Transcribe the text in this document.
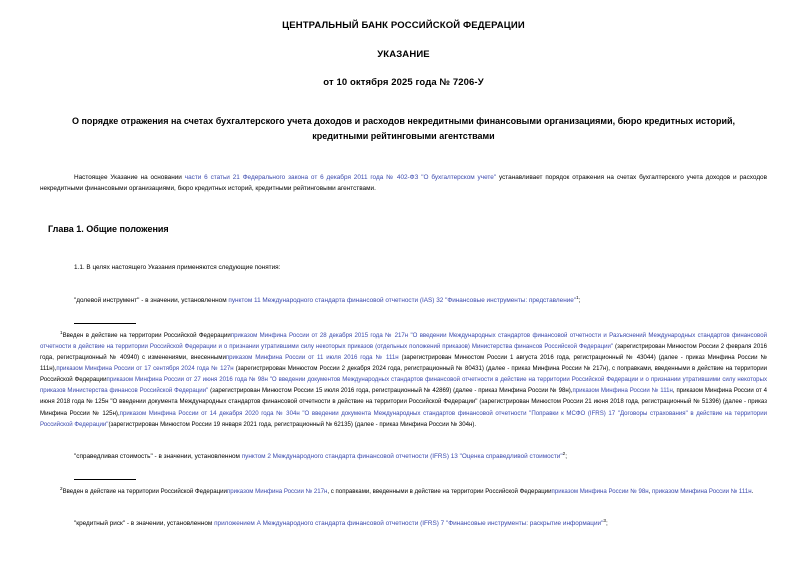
ЦЕНТРАЛЬНЫЙ БАНК РОССИЙСКОЙ ФЕДЕРАЦИИ
УКАЗАНИЕ
от 10 октября 2025 года № 7206-У
О порядке отражения на счетах бухгалтерского учета доходов и расходов некредитными финансовыми организациями, бюро кредитных историй, кредитными рейтинговыми агентствами

Настоящее Указание на основании части 6 статьи 21 Федерального закона от 6 декабря 2011 года № 402-ФЗ "О бухгалтерском учете" устанавливает порядок отражения на счетах бухгалтерского учета доходов и расходов некредитными финансовыми организациями, бюро кредитных историй, кредитными рейтинговыми агентствами.

Глава 1. Общие положения

1.1. В целях настоящего Указания применяются следующие понятия:

"долевой инструмент" - в значении, установленном пунктом 11 Международного стандарта финансовой отчетности (IAS) 32 "Финансовые инструменты: представление"$^1$;

$^1$Введен в действие на территории Российской Федерацииприказом Минфина России от 28 декабря 2015 года № 217н "О введении Международных стандартов финансовой отчетности и Разъяснений Международных стандартов финансовой отчетности в действие на территории Российской Федерации и о признании утратившими силу некоторых приказов (отдельных положений приказов) Министерства финансов Российской Федерации" (зарегистрирован Минюстом России 2 февраля 2016 года, регистрационный № 40940) с изменениями, внесеннымиприказом Минфина России от 11 июля 2016 года № 111н (зарегистрирован Минюстом России 1 августа 2016 года, регистрационный № 43044) (далее - приказ Минфина России № 111н),приказом Минфина России от 17 сентября 2024 года № 127н (зарегистрирован Минюстом России 2 декабря 2024 года, регистрационный № 80431) (далее - приказ Минфина России № 217н), с поправками, введенными в действие на территории Российской Федерацииприказом Минфина России от 27 июня 2016 года № 98н "О введении документов Международных стандартов финансовой отчетности в действие на территории Российской Федерации и о признании утратившими силу некоторых приказов Министерства финансов Российской Федерации" (зарегистрирован Минюстом России 15 июля 2016 года, регистрационный № 42869) (далее - приказ Минфина России № 98н),приказом Минфина России № 111н, приказом Минфина России от 4 июня 2018 года № 125н "О введении документа Международных стандартов финансовой отчетности в действие на территории Российской Федерации" (зарегистрирован Минюстом России 21 июня 2018 года, регистрационный № 51396) (далее - приказ Минфина России № 125н),приказом Минфина России от 14 декабря 2020 года № 304н "О введении документа Международных стандартов финансовой отчетности "Поправки к МСФО (IFRS) 17 "Договоры страхования" в действие на территории Российской Федерации"(зарегистрирован Минюстом России 19 января 2021 года, регистрационный № 62135) (далее - приказ Минфина России № 304н).

"справедливая стоимость" - в значении, установленном пунктом 2 Международного стандарта финансовой отчетности (IFRS) 13 "Оценка справедливой стоимости"$^2$;

$^2$Введен в действие на территории Российской Федерацииприказом Минфина России № 217н, с поправками, введенными в действие на территории Российской Федерацииприказом Минфина России № 98н, приказом Минфина России № 111н.

"кредитный риск" - в значении, установленном приложением А Международного стандарта финансовой отчетности (IFRS) 7 "Финансовые инструменты: раскрытие информации"$^3$;
